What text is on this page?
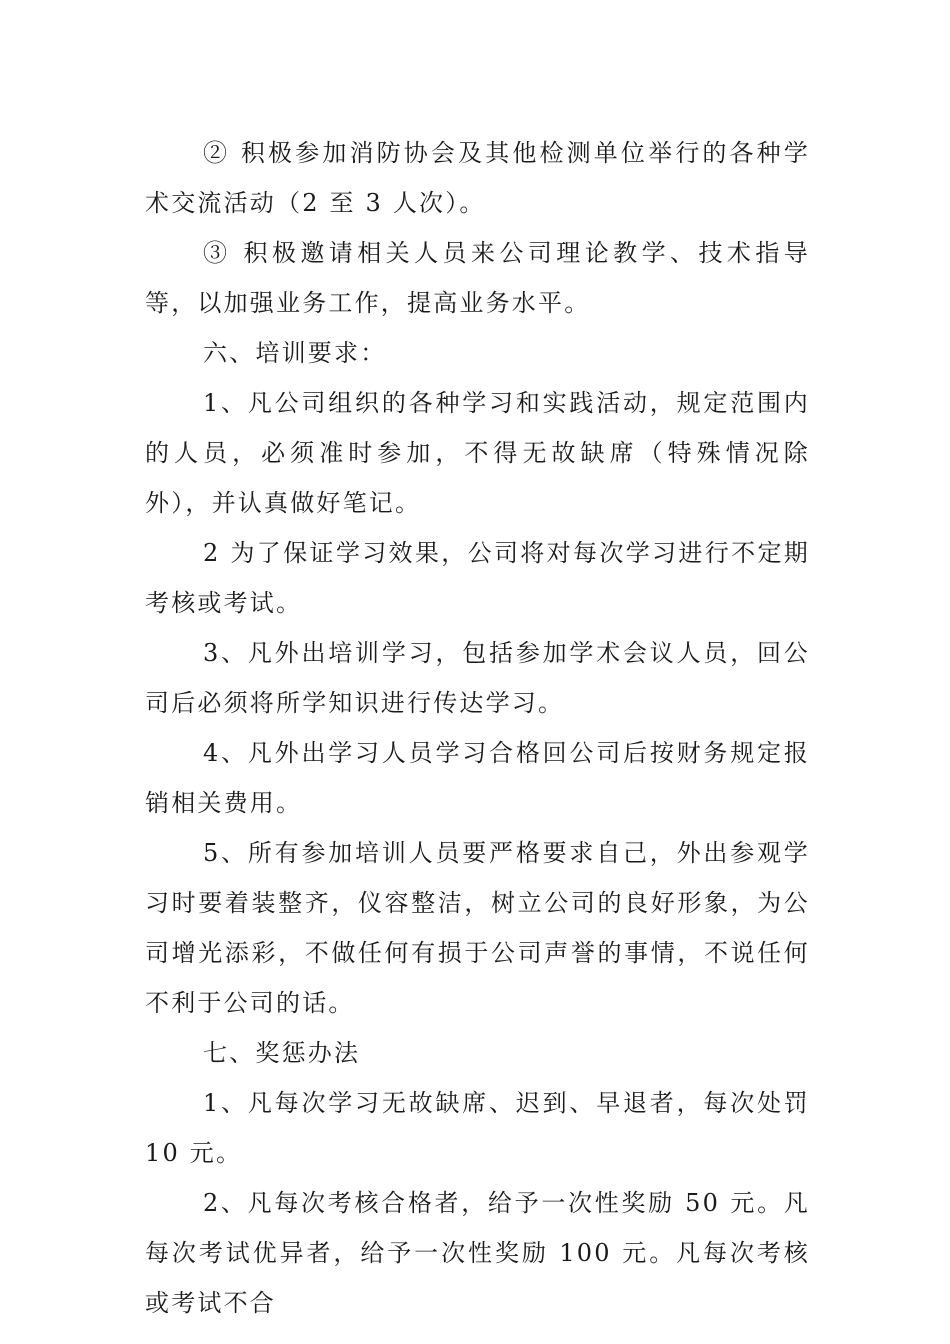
② 积极参加消防协会及其他检测单位举行的各种学术交流活动（2 至 3 人次）。

③ 积极邀请相关人员来公司理论教学、技术指导等，以加强业务工作，提高业务水平。

六、培训要求：

1、凡公司组织的各种学习和实践活动，规定范围内的人员，必须准时参加，不得无故缺席（特殊情况除外），并认真做好笔记。

2 为了保证学习效果，公司将对每次学习进行不定期考核或考试。

3、凡外出培训学习，包括参加学术会议人员，回公司后必须将所学知识进行传达学习。

4、凡外出学习人员学习合格回公司后按财务规定报销相关费用。

5、所有参加培训人员要严格要求自己，外出参观学习时要着装整齐，仪容整洁，树立公司的良好形象，为公司增光添彩，不做任何有损于公司声誉的事情，不说任何不利于公司的话。

七、奖惩办法

1、凡每次学习无故缺席、迟到、早退者，每次处罚 10 元。

2、凡每次考核合格者，给予一次性奖励 50 元。凡每次考试优异者，给予一次性奖励 100 元。凡每次考核或考试不合
